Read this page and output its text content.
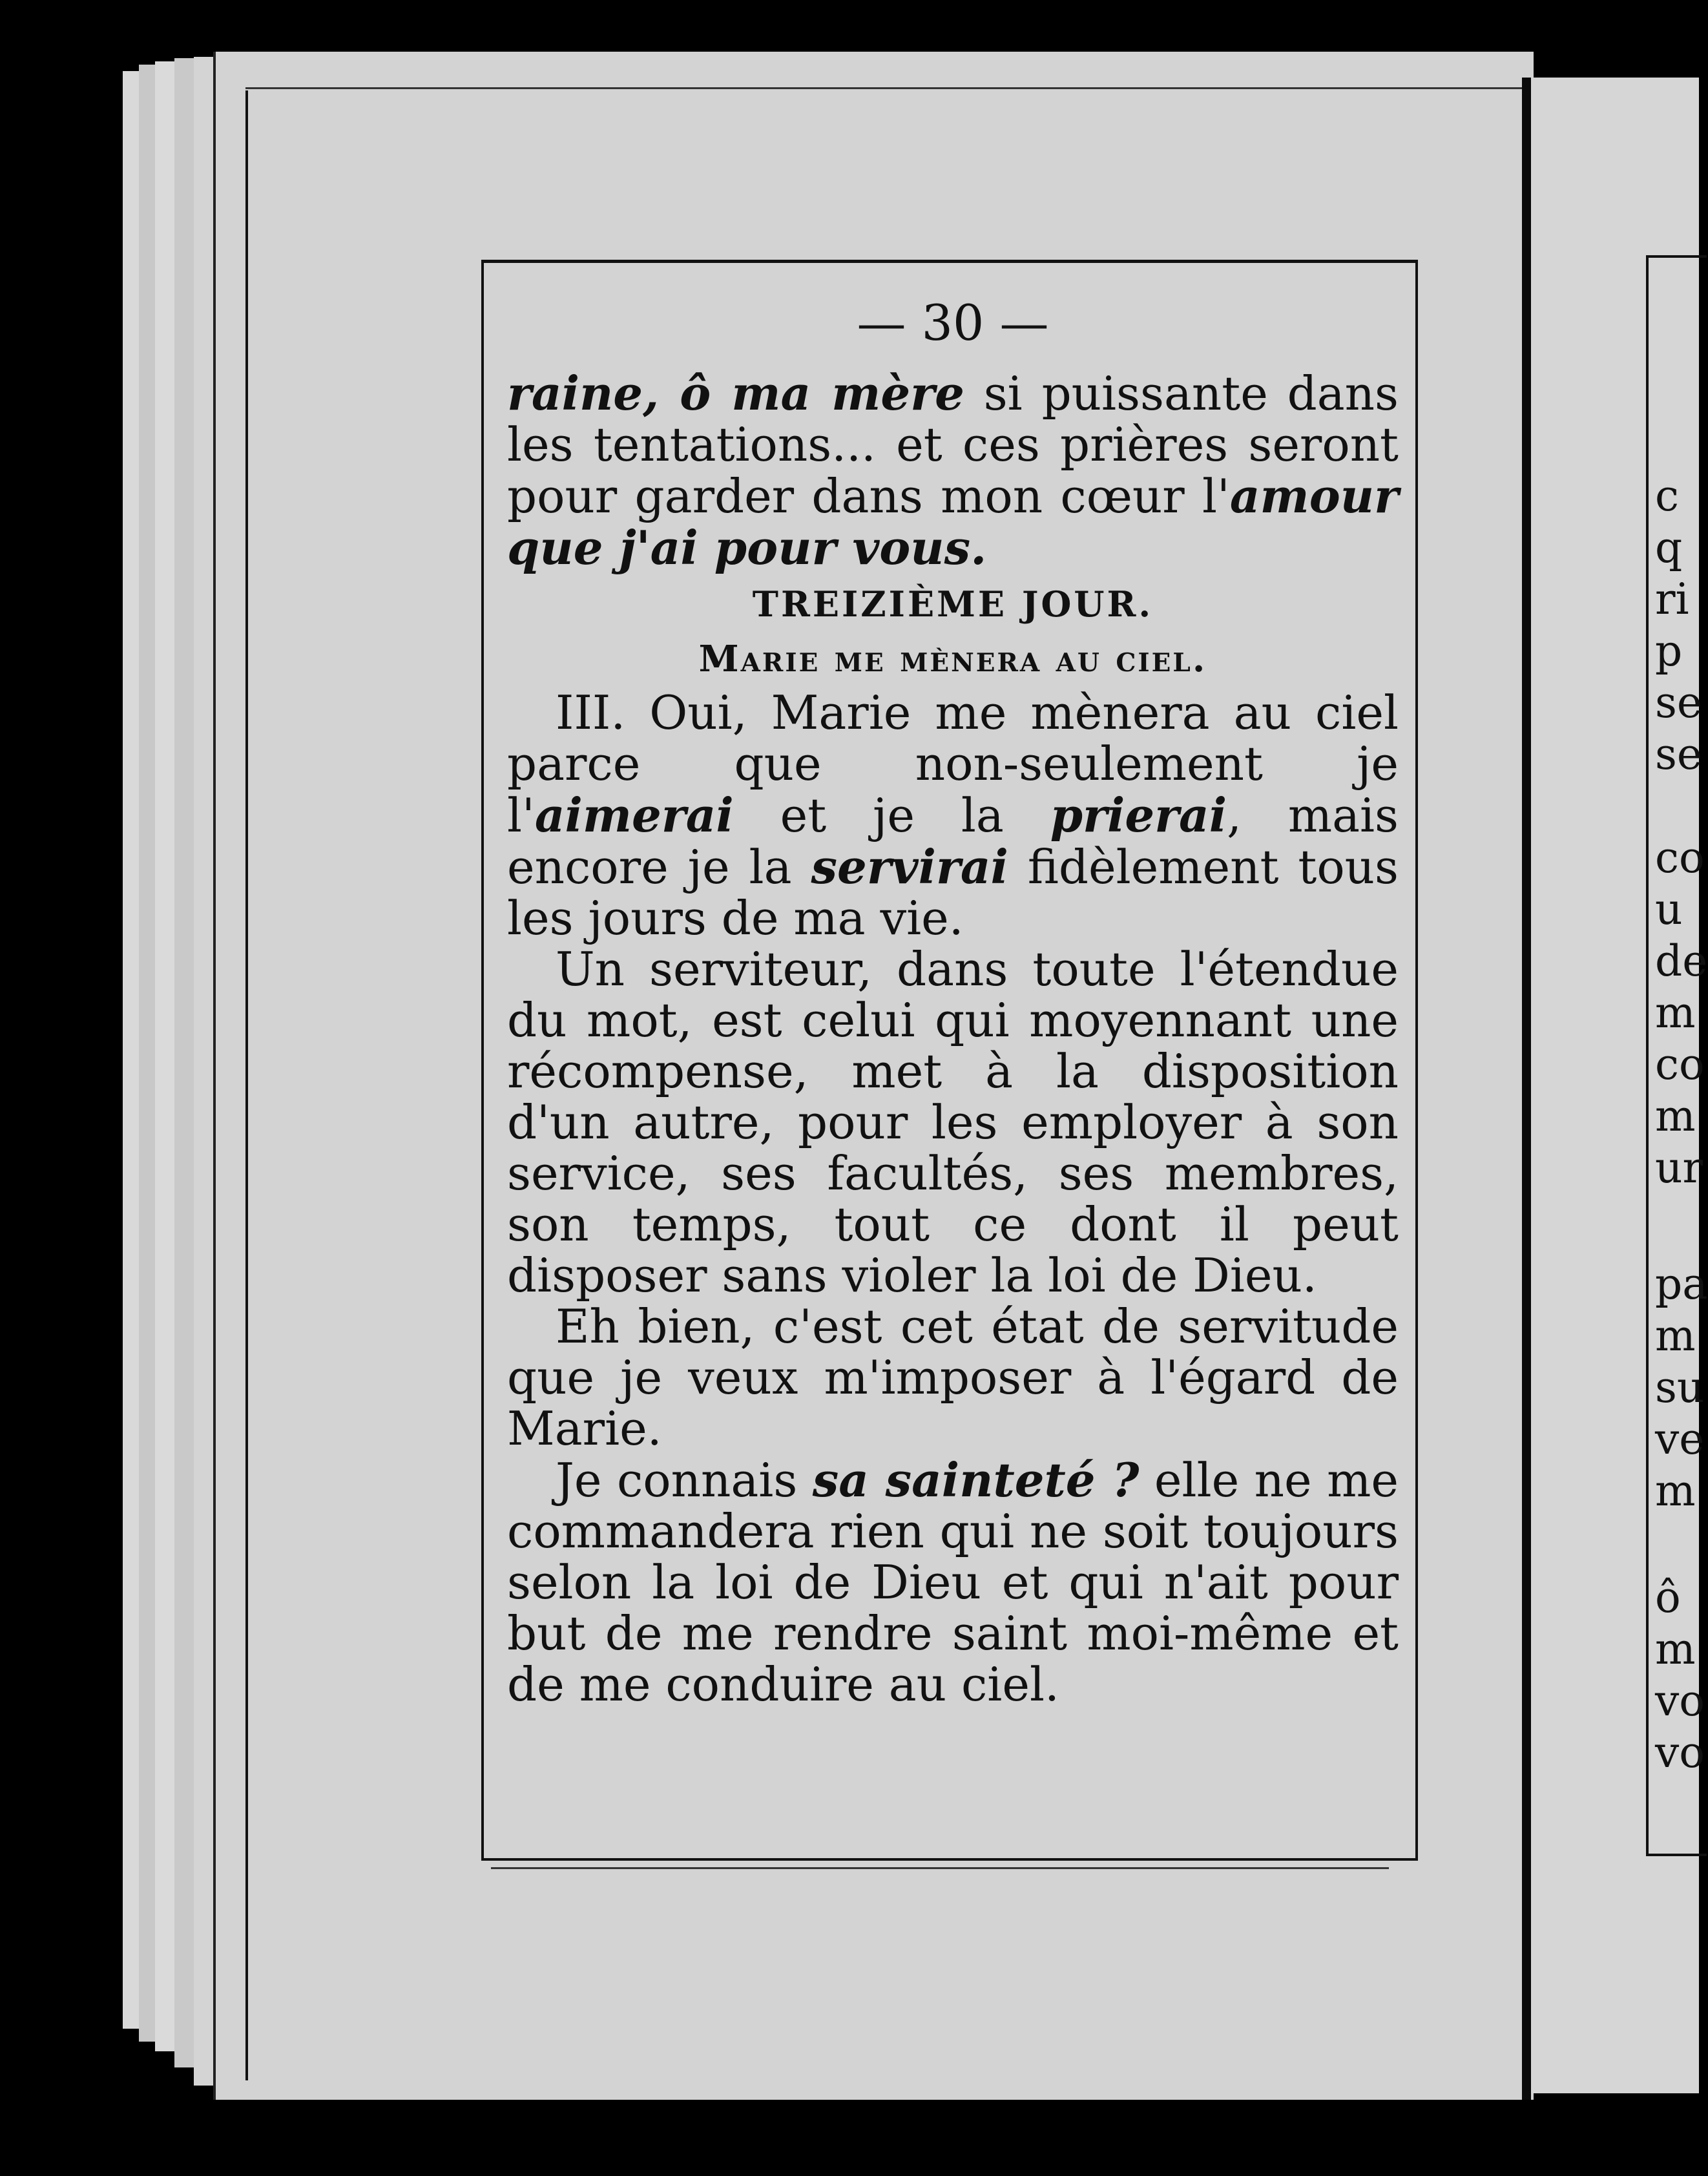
c
q
ri
p
se
se
co
u
de
m
co
m
ur
pa
m
su
ve
m
ô
m
vo
vo
— 30 —

raine, ô ma mère si puissante dans les tentations... et ces prières seront pour garder dans mon cœur l'amour que j'ai pour vous.

TREIZIÈME JOUR.
Marie me mènera au ciel.

III. Oui, Marie me mènera au ciel parce que non-seulement je l'aimerai et je la prierai, mais encore je la servirai fidèlement tous les jours de ma vie.

Un serviteur, dans toute l'étendue du mot, est celui qui moyennant une récompense, met à la disposition d'un autre, pour les employer à son service, ses facultés, ses membres, son temps, tout ce dont il peut disposer sans violer la loi de Dieu.

Eh bien, c'est cet état de servitude que je veux m'imposer à l'égard de Marie.

Je connais sa sainteté ? elle ne me commandera rien qui ne soit toujours selon la loi de Dieu et qui n'ait pour but de me rendre saint moi-même et de me conduire au ciel.
